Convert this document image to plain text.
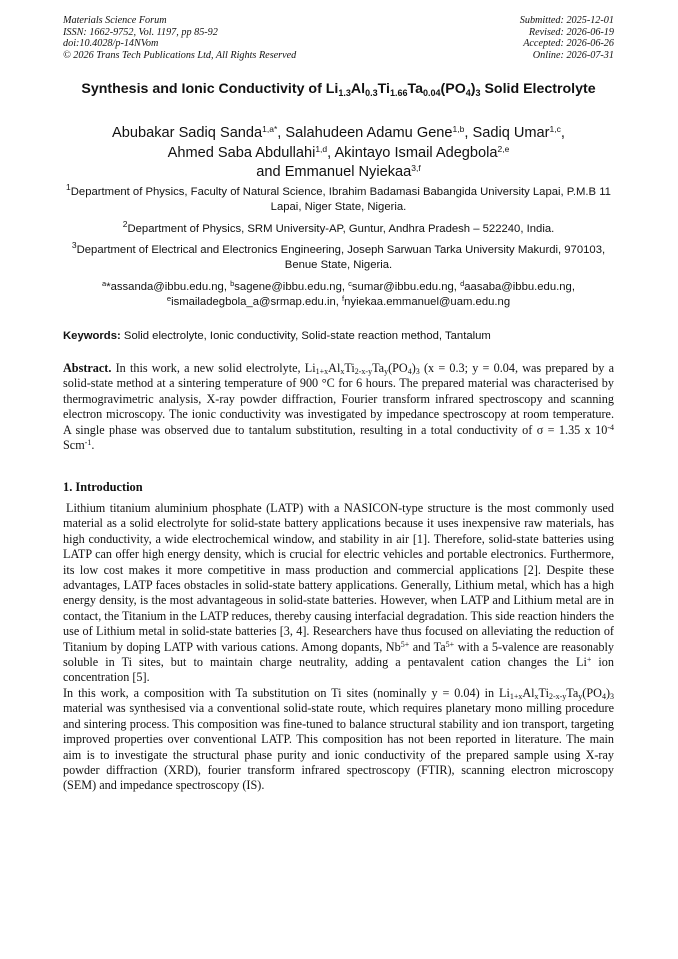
Materials Science Forum
ISSN: 1662-9752, Vol. 1197, pp 85-92
doi:10.4028/p-14NVom
© 2026 Trans Tech Publications Ltd, All Rights Reserved
Submitted: 2025-12-01
Revised: 2026-06-19
Accepted: 2026-06-26
Online: 2026-07-31
Synthesis and Ionic Conductivity of $Li_{1.3}Al_{0.3}Ti_{1.66}Ta_{0.04}(PO_4)_3$ Solid Electrolyte
Abubakar Sadiq Sanda$^{1,a*}$, Salahudeen Adamu Gene$^{1,b}$, Sadiq Umar$^{1,c}$,
Ahmed Saba Abdullahi$^{1,d}$, Akintayo Ismail Adegbola$^{2,e}$
and Emmanuel Nyiekaa$^{3,f}$
$^1$Department of Physics, Faculty of Natural Science, Ibrahim Badamasi Babangida University Lapai, P.M.B 11 Lapai, Niger State, Nigeria.
$^2$Department of Physics, SRM University-AP, Guntur, Andhra Pradesh – 522240, India.
$^3$Department of Electrical and Electronics Engineering, Joseph Sarwuan Tarka University Makurdi, 970103, Benue State, Nigeria.
$^a$*assanda@ibbu.edu.ng, $^b$sagene@ibbu.edu.ng, $^c$sumar@ibbu.edu.ng, $^d$aasaba@ibbu.edu.ng,
$^e$ismailadegbola_a@srmap.edu.in, $^f$nyiekaa.emmanuel@uam.edu.ng
Keywords: Solid electrolyte, Ionic conductivity, Solid-state reaction method, Tantalum
Abstract. In this work, a new solid electrolyte, $Li_{1+x}Al_xTi_{2-x-y}Ta_y(PO_4)_3$ (x = 0.3; y = 0.04, was prepared by a solid-state method at a sintering temperature of 900 °C for 6 hours. The prepared material was characterised by thermogravimetric analysis, X-ray powder diffraction, Fourier transform infrared spectroscopy and scanning electron microscopy. The ionic conductivity was investigated by impedance spectroscopy at room temperature. A single phase was observed due to tantalum substitution, resulting in a total conductivity of σ = 1.35 x $10^{-4}$ Scm$^{-1}$.
1. Introduction

Lithium titanium aluminium phosphate (LATP) with a NASICON-type structure is the most commonly used material as a solid electrolyte for solid-state battery applications because it uses inexpensive raw materials, has high conductivity, a wide electrochemical window, and stability in air [1]. Therefore, solid-state batteries using LATP can offer high energy density, which is crucial for electric vehicles and portable electronics. Furthermore, its low cost makes it more competitive in mass production and commercial applications [2]. Despite these advantages, LATP faces obstacles in solid-state battery applications. Generally, Lithium metal, which has a high energy density, is the most advantageous in solid-state batteries. However, when LATP and Lithium metal are in contact, the Titanium in the LATP reduces, thereby causing interfacial degradation. This side reaction hinders the use of Lithium metal in solid-state batteries [3, 4]. Researchers have thus focused on alleviating the reduction of Titanium by doping LATP with various cations. Among dopants, $Nb^{5+}$ and $Ta^{5+}$ with a 5-valence are reasonably soluble in Ti sites, but to maintain charge neutrality, adding a pentavalent cation changes the Li+ ion concentration [5].

In this work, a composition with Ta substitution on Ti sites (nominally y = 0.04) in $Li_{1+x}Al_xTi_{2-x-y}Ta_y(PO_4)_3$ material was synthesised via a conventional solid-state route, which requires planetary mono milling procedure and sintering process. This composition was fine-tuned to balance structural stability and ion transport, targeting improved properties over conventional LATP. This composition has not been reported in literature. The main aim is to investigate the structural phase purity and ionic conductivity of the prepared sample using X-ray powder diffraction (XRD), fourier transform infrared spectroscopy (FTIR), scanning electron microscopy (SEM) and impedance spectroscopy (IS).
